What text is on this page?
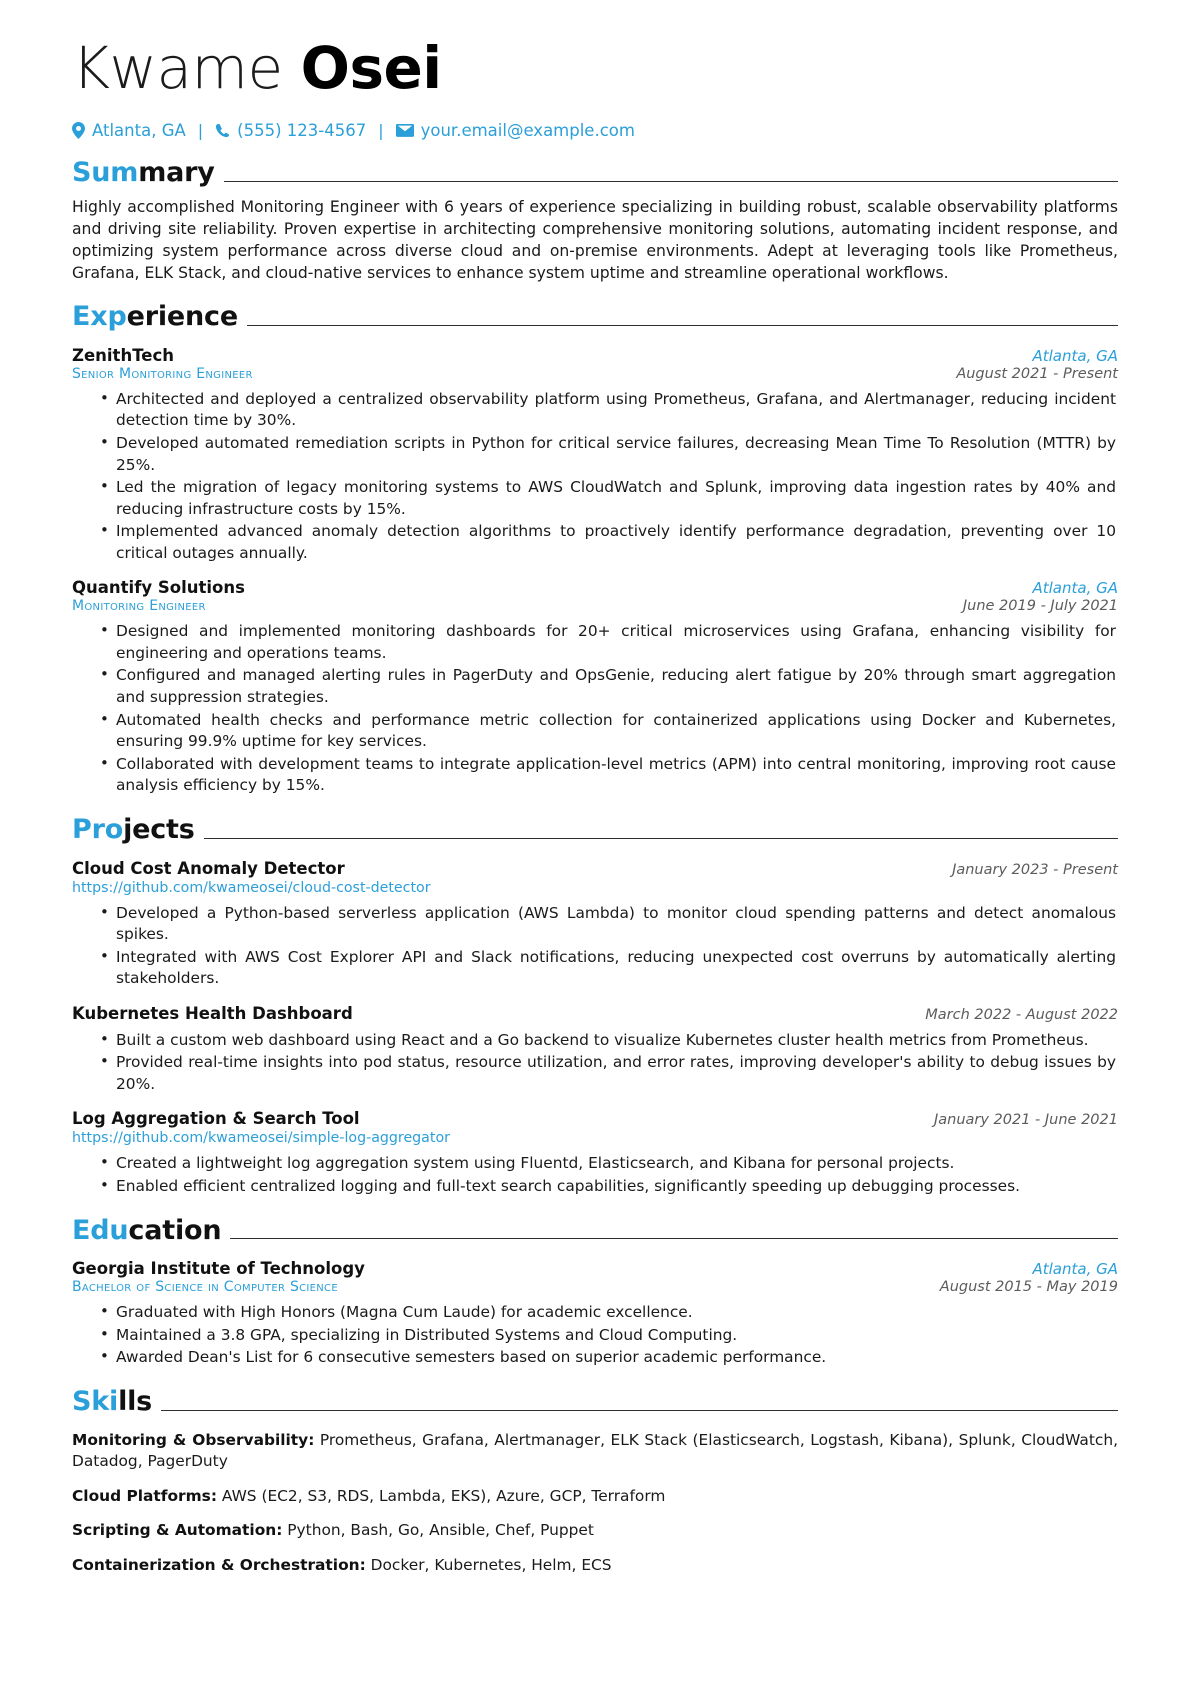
Kwame Osei
Atlanta, GA | (555) 123-4567 | your.email@example.com
Summary

Highly accomplished Monitoring Engineer with 6 years of experience specializing in building robust, scalable observability platforms and driving site reliability. Proven expertise in architecting comprehensive monitoring solutions, automating incident response, and optimizing system performance across diverse cloud and on-premise environments. Adept at leveraging tools like Prometheus, Grafana, ELK Stack, and cloud-native services to enhance system uptime and streamline operational workflows.

Experience
ZenithTech	Atlanta, GA
Senior Monitoring Engineer	August 2021 - Present
• Architected and deployed a centralized observability platform using Prometheus, Grafana, and Alertmanager, reducing incident detection time by 30%.
• Developed automated remediation scripts in Python for critical service failures, decreasing Mean Time To Resolution (MTTR) by 25%.
• Led the migration of legacy monitoring systems to AWS CloudWatch and Splunk, improving data ingestion rates by 40% and reducing infrastructure costs by 15%.
• Implemented advanced anomaly detection algorithms to proactively identify performance degradation, preventing over 10 critical outages annually.
Quantify Solutions	Atlanta, GA
Monitoring Engineer	June 2019 - July 2021
• Designed and implemented monitoring dashboards for 20+ critical microservices using Grafana, enhancing visibility for engineering and operations teams.
• Configured and managed alerting rules in PagerDuty and OpsGenie, reducing alert fatigue by 20% through smart aggregation and suppression strategies.
• Automated health checks and performance metric collection for containerized applications using Docker and Kubernetes, ensuring 99.9% uptime for key services.
• Collaborated with development teams to integrate application-level metrics (APM) into central monitoring, improving root cause analysis efficiency by 15%.
Projects
Cloud Cost Anomaly Detector	January 2023 - Present
https://github.com/kwameosei/cloud-cost-detector
• Developed a Python-based serverless application (AWS Lambda) to monitor cloud spending patterns and detect anomalous spikes.
• Integrated with AWS Cost Explorer API and Slack notifications, reducing unexpected cost overruns by automatically alerting stakeholders.
Kubernetes Health Dashboard	March 2022 - August 2022
• Built a custom web dashboard using React and a Go backend to visualize Kubernetes cluster health metrics from Prometheus.
• Provided real-time insights into pod status, resource utilization, and error rates, improving developer's ability to debug issues by 20%.
Log Aggregation & Search Tool	January 2021 - June 2021
https://github.com/kwameosei/simple-log-aggregator
• Created a lightweight log aggregation system using Fluentd, Elasticsearch, and Kibana for personal projects.
• Enabled efficient centralized logging and full-text search capabilities, significantly speeding up debugging processes.
Education
Georgia Institute of Technology	Atlanta, GA
Bachelor of Science in Computer Science	August 2015 - May 2019
• Graduated with High Honors (Magna Cum Laude) for academic excellence.
• Maintained a 3.8 GPA, specializing in Distributed Systems and Cloud Computing.
• Awarded Dean's List for 6 consecutive semesters based on superior academic performance.
Skills
Monitoring & Observability: Prometheus, Grafana, Alertmanager, ELK Stack (Elasticsearch, Logstash, Kibana), Splunk, CloudWatch, Datadog, PagerDuty
Cloud Platforms: AWS (EC2, S3, RDS, Lambda, EKS), Azure, GCP, Terraform
Scripting & Automation: Python, Bash, Go, Ansible, Chef, Puppet
Containerization & Orchestration: Docker, Kubernetes, Helm, ECS
